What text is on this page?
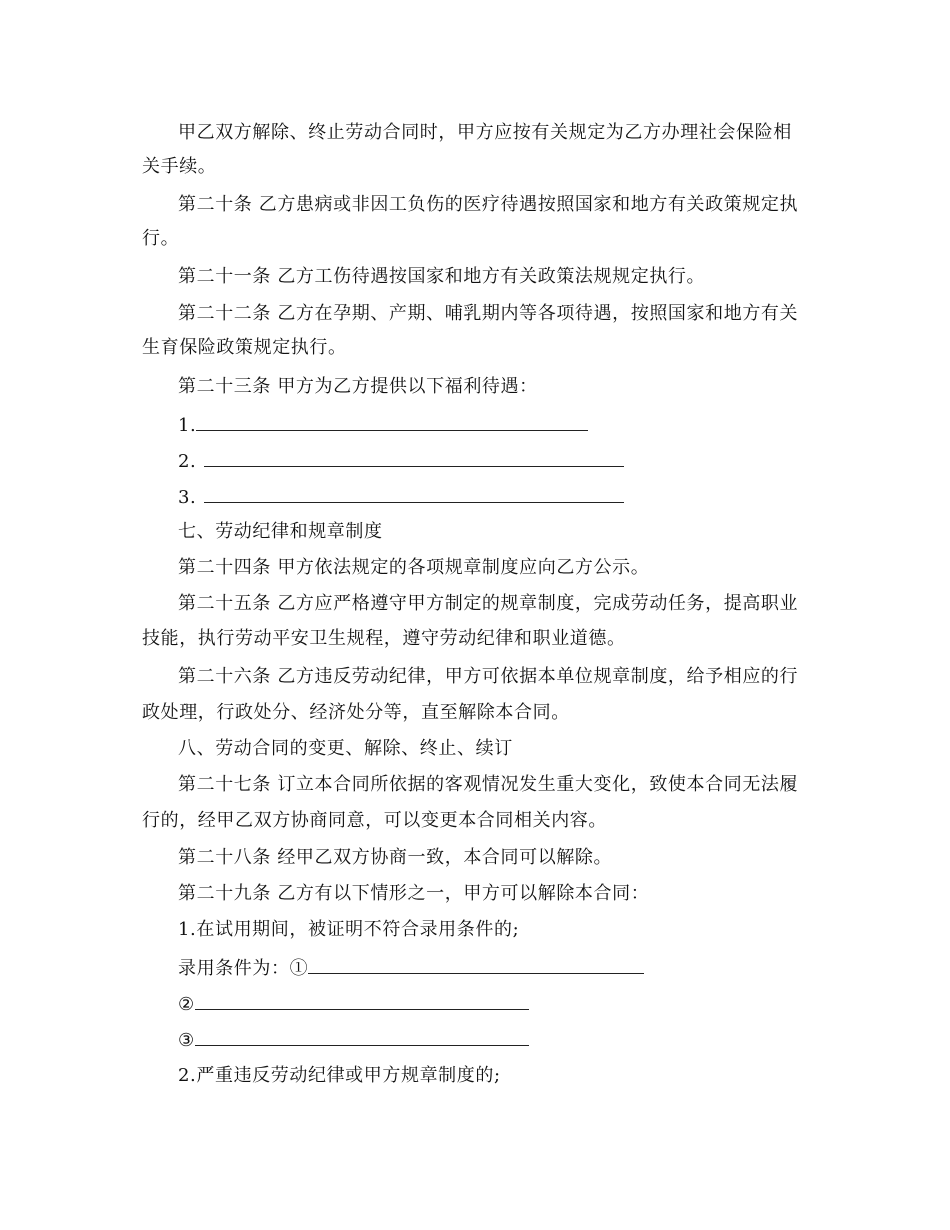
甲乙双方解除、终止劳动合同时，甲方应按有关规定为乙方办理社会保险相
关手续。
第二十条 乙方患病或非因工负伤的医疗待遇按照国家和地方有关政策规定执
行。
第二十一条 乙方工伤待遇按国家和地方有关政策法规规定执行。
第二十二条 乙方在孕期、产期、哺乳期内等各项待遇，按照国家和地方有关
生育保险政策规定执行。
第二十三条 甲方为乙方提供以下福利待遇：
1.
2.
3.
七、劳动纪律和规章制度
第二十四条 甲方依法规定的各项规章制度应向乙方公示。
第二十五条 乙方应严格遵守甲方制定的规章制度，完成劳动任务，提高职业
技能，执行劳动平安卫生规程，遵守劳动纪律和职业道德。
第二十六条 乙方违反劳动纪律，甲方可依据本单位规章制度，给予相应的行
政处理，行政处分、经济处分等，直至解除本合同。
八、劳动合同的变更、解除、终止、续订
第二十七条 订立本合同所依据的客观情况发生重大变化，致使本合同无法履
行的，经甲乙双方协商同意，可以变更本合同相关内容。
第二十八条 经甲乙双方协商一致，本合同可以解除。
第二十九条 乙方有以下情形之一，甲方可以解除本合同：
1.在试用期间，被证明不符合录用条件的;
录用条件为：①
②
③
2.严重违反劳动纪律或甲方规章制度的;
